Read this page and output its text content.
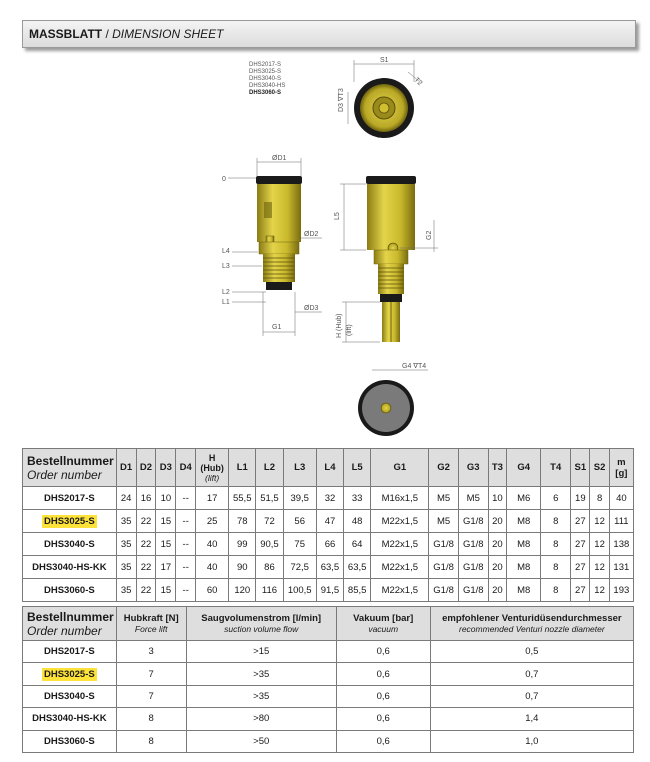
MASSBLATT / DIMENSION SHEET
DHS2017-S
DHS3025-S
DHS3040-S
DHS3040-HS
DHS3060-S
S1
T2
D3 ∇T3
ØD1
0
ØD2
L4
L3
L2
L1
ØD3
G1
L5
G2
H (Hub) (lift)
G4 ∇T4
Bestellnummer
Order number	D1	D2	D3	D4	H
(Hub)
(lift)	L1	L2	L3	L4	L5	G1	G2	G3	T3	G4	T4	S1	S2	m
[g]

DHS2017-S	24	16	10	--	17	55,5	51,5	39,5	32	33	M16x1,5	M5	M5	10	M6	6	19	8	40
DHS3025-S	35	22	15	--	25	78	72	56	47	48	M22x1,5	M5	G1/8	20	M8	8	27	12	111
DHS3040-S	35	22	15	--	40	99	90,5	75	66	64	M22x1,5	G1/8	G1/8	20	M8	8	27	12	138
DHS3040-HS-KK	35	22	17	--	40	90	86	72,5	63,5	63,5	M22x1,5	G1/8	G1/8	20	M8	8	27	12	131
DHS3060-S	35	22	15	--	60	120	116	100,5	91,5	85,5	M22x1,5	G1/8	G1/8	20	M8	8	27	12	193
Bestellnummer
Order number	Hubkraft [N]
Force lift	Saugvolumenstrom [l/min]
suction volume flow	Vakuum [bar]
vacuum	empfohlener Venturidüsendurchmesser
recommended Venturi nozzle diameter

DHS2017-S	3	>15	0,6	0,5
DHS3025-S	7	>35	0,6	0,7
DHS3040-S	7	>35	0,6	0,7
DHS3040-HS-KK	8	>80	0,6	1,4
DHS3060-S	8	>50	0,6	1,0
